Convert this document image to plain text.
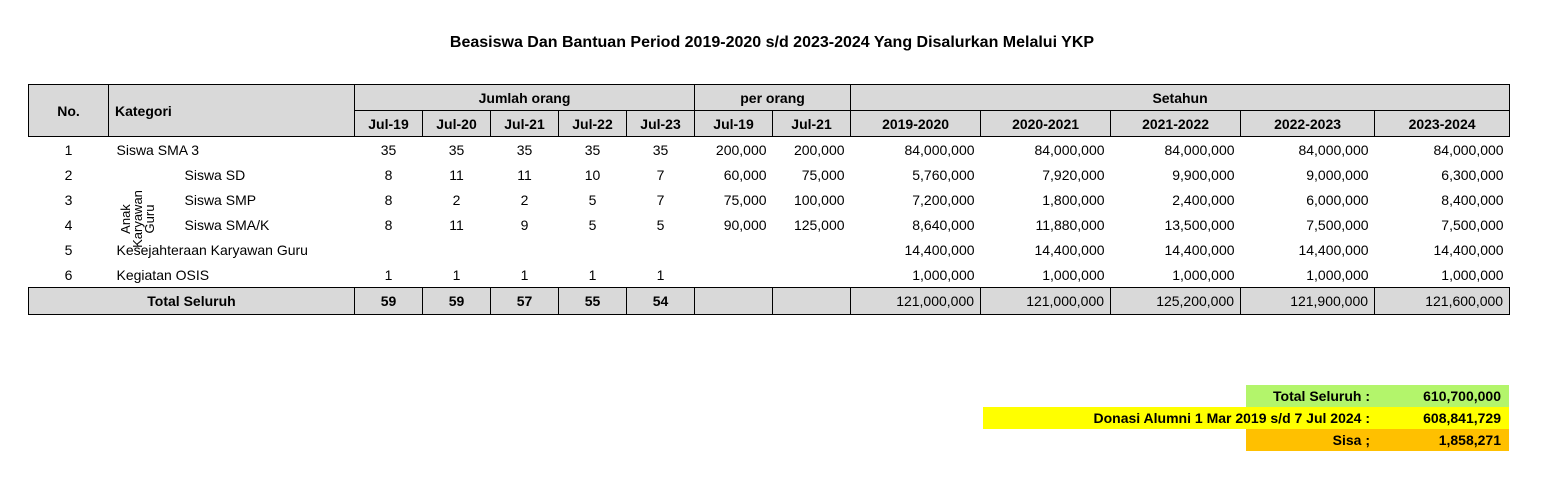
Beasiswa Dan Bantuan Period 2019-2020 s/d 2023-2024 Yang Disalurkan Melalui YKP
No.	Kategori	Jumlah orang					per orang		Setahun				
		Jul-19	Jul-20	Jul-21	Jul-22	Jul-23	Jul-19	Jul-21	2019-2020	2020-2021	2021-2022	2022-2023	2023-2024
1	Siswa SMA 3	35	35	35	35	35	200,000	200,000	84,000,000	84,000,000	84,000,000	84,000,000	84,000,000
2	Siswa SD	8	11	11	10	7	60,000	75,000	5,760,000	7,920,000	9,900,000	9,000,000	6,300,000
3	Siswa SMP	8	2	2	5	7	75,000	100,000	7,200,000	1,800,000	2,400,000	6,000,000	8,400,000
4	Siswa SMA/K	8	11	9	5	5	90,000	125,000	8,640,000	11,880,000	13,500,000	7,500,000	7,500,000
5	Kesejahteraan Karyawan Guru								14,400,000	14,400,000	14,400,000	14,400,000	14,400,000
6	Kegiatan OSIS	1	1	1	1	1			1,000,000	1,000,000	1,000,000	1,000,000	1,000,000
Total Seluruh		59	59	57	55	54			121,000,000	121,000,000	125,200,000	121,900,000	121,600,000
Anak Karyawan Guru
Total Seluruh :	610,700,000
Donasi Alumni 1 Mar 2019 s/d 7 Jul 2024 :	608,841,729
Sisa ;	1,858,271
